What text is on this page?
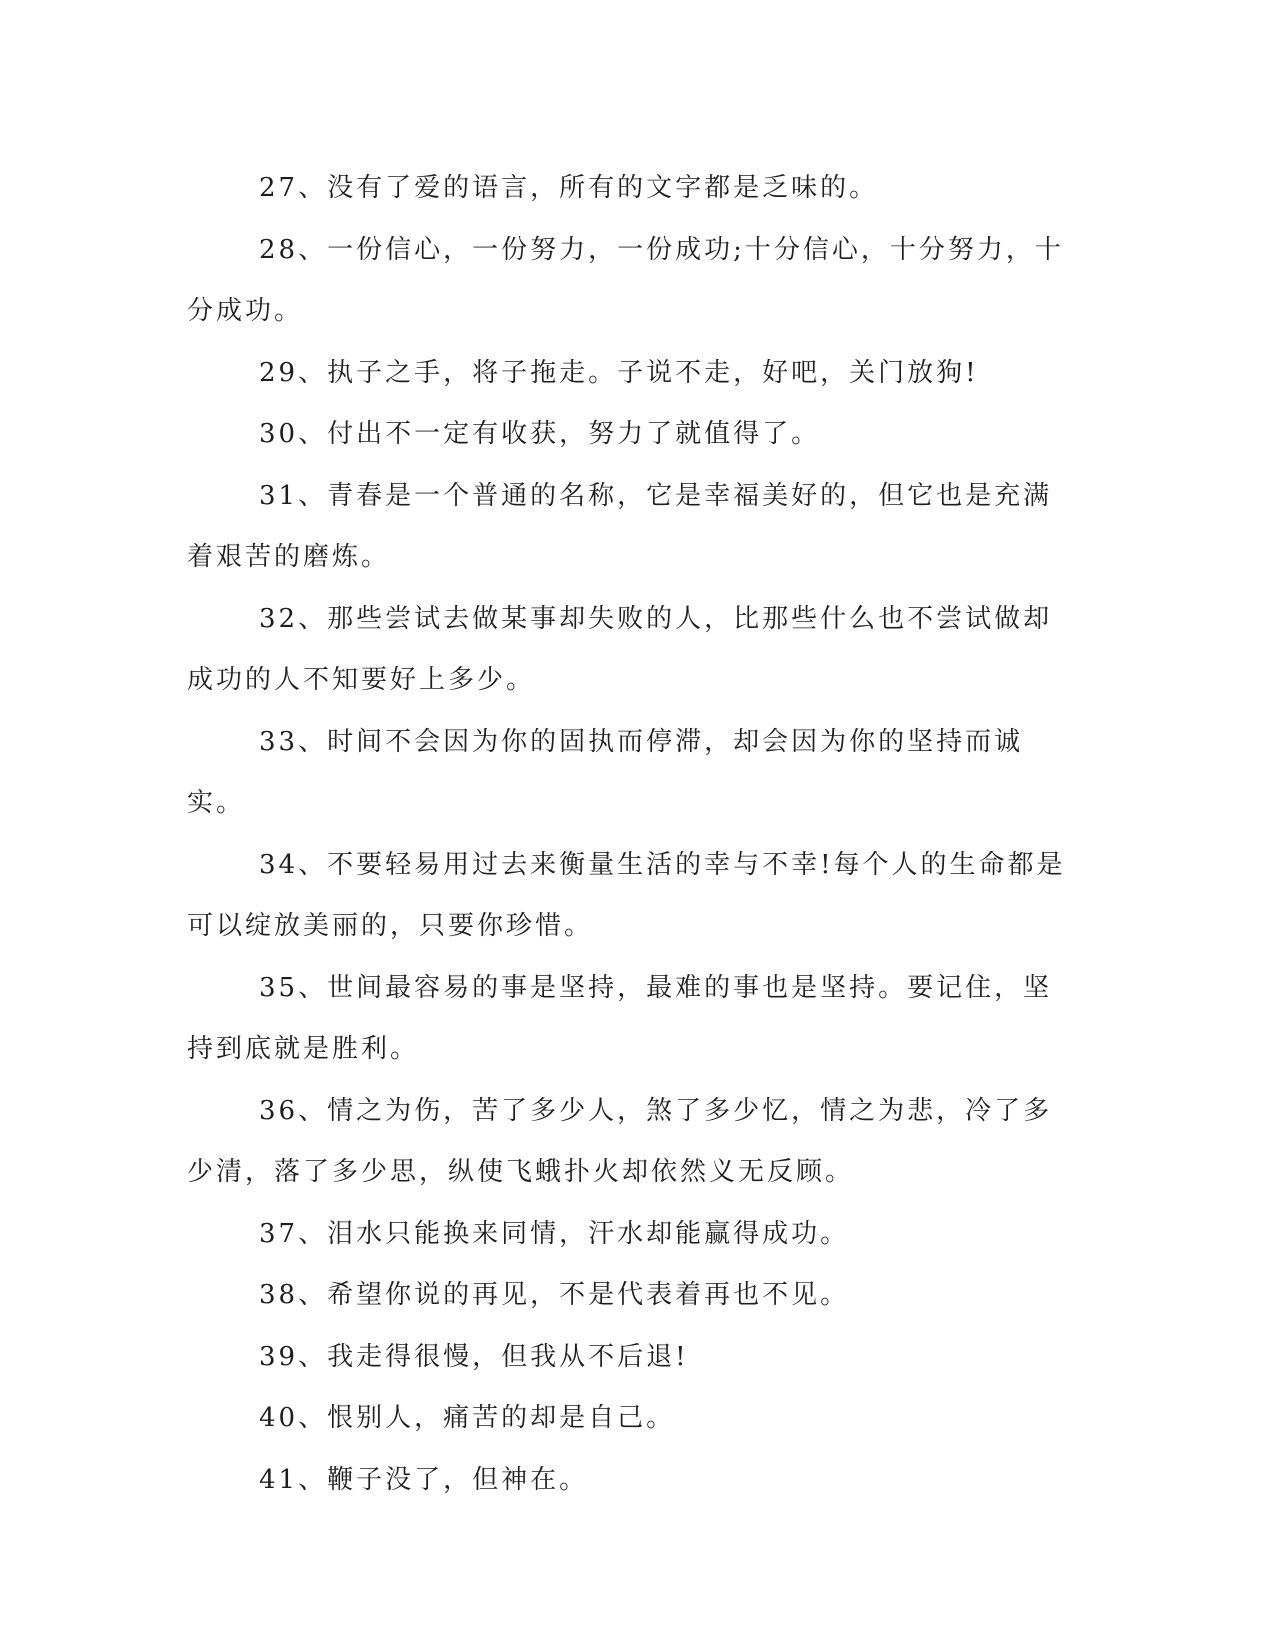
27、没有了爱的语言，所有的文字都是乏味的。

28、一份信心，一份努力，一份成功;十分信心，十分努力，十分成功。

29、执子之手，将子拖走。子说不走，好吧，关门放狗!

30、付出不一定有收获，努力了就值得了。

31、青春是一个普通的名称，它是幸福美好的，但它也是充满着艰苦的磨炼。

32、那些尝试去做某事却失败的人，比那些什么也不尝试做却成功的人不知要好上多少。

33、时间不会因为你的固执而停滞，却会因为你的坚持而诚实。

34、不要轻易用过去来衡量生活的幸与不幸!每个人的生命都是可以绽放美丽的，只要你珍惜。

35、世间最容易的事是坚持，最难的事也是坚持。要记住，坚持到底就是胜利。

36、情之为伤，苦了多少人，煞了多少忆，情之为悲，冷了多少清，落了多少思，纵使飞蛾扑火却依然义无反顾。

37、泪水只能换来同情，汗水却能赢得成功。

38、希望你说的再见，不是代表着再也不见。

39、我走得很慢，但我从不后退!

40、恨别人，痛苦的却是自己。

41、鞭子没了，但神在。
